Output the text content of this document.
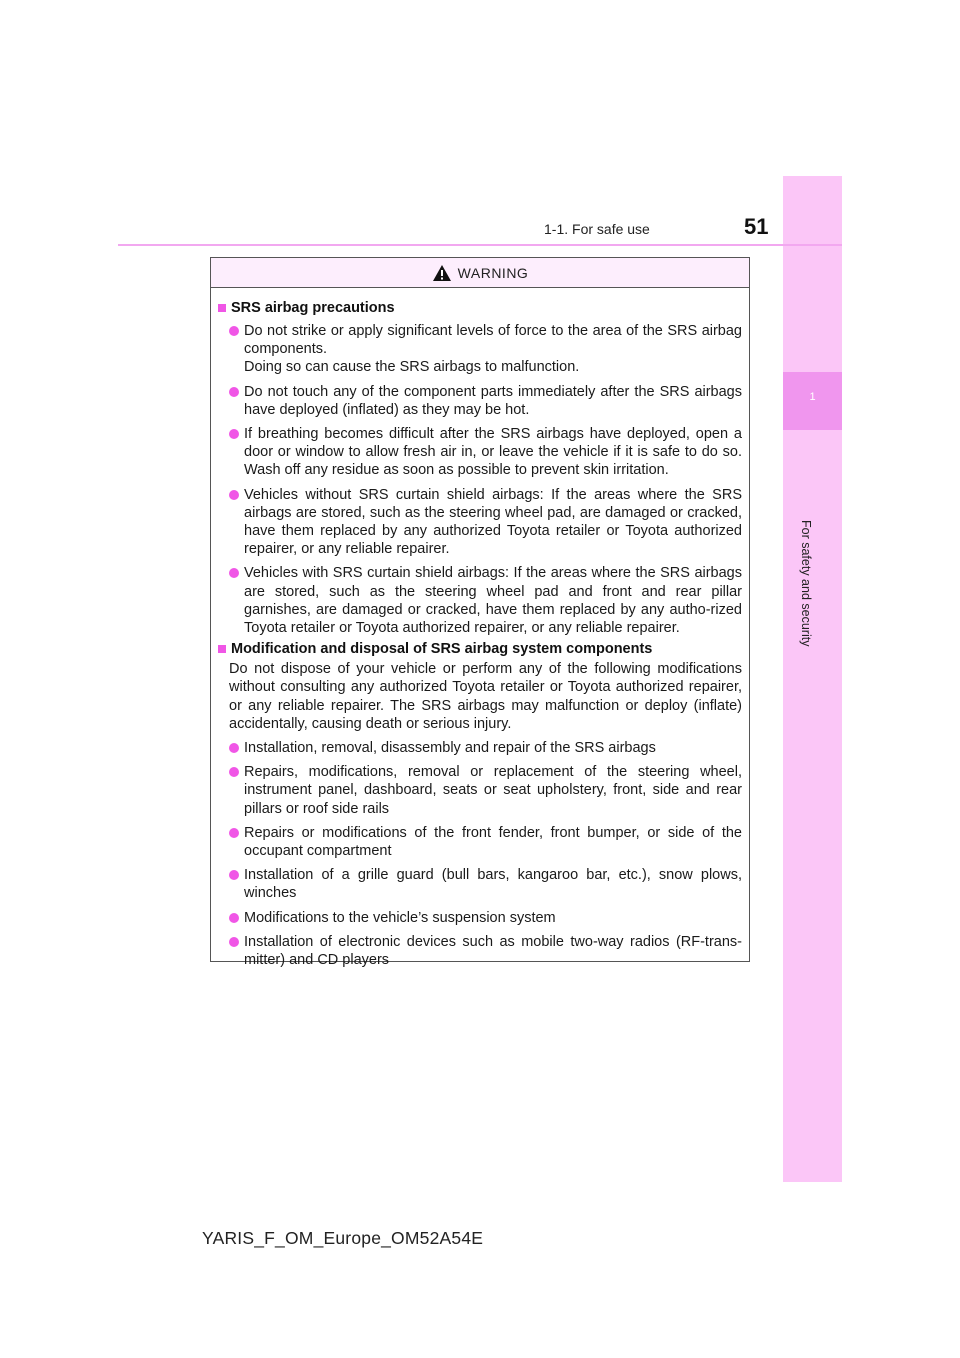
1
For safety and security
1-1. For safe use	51
WARNING
SRS airbag precautions
Do not strike or apply significant levels of force to the area of the SRS airbag components.
Doing so can cause the SRS airbags to malfunction.
Do not touch any of the component parts immediately after the SRS airbags have deployed (inflated) as they may be hot.
If breathing becomes difficult after the SRS airbags have deployed, open a door or window to allow fresh air in, or leave the vehicle if it is safe to do so. Wash off any residue as soon as possible to prevent skin irritation.
Vehicles without SRS curtain shield airbags: If the areas where the SRS airbags are stored, such as the steering wheel pad, are damaged or cracked, have them replaced by any authorized Toyota retailer or Toyota authorized repairer, or any reliable repairer.
Vehicles with SRS curtain shield airbags: If the areas where the SRS airbags are stored, such as the steering wheel pad and front and rear pillar garnishes, are damaged or cracked, have them replaced by any autho-rized Toyota retailer or Toyota authorized repairer, or any reliable repairer.
Modification and disposal of SRS airbag system components
Do not dispose of your vehicle or perform any of the following modifications without consulting any authorized Toyota retailer or Toyota authorized repairer, or any reliable repairer. The SRS airbags may malfunction or deploy (inflate) accidentally, causing death or serious injury.
Installation, removal, disassembly and repair of the SRS airbags
Repairs, modifications, removal or replacement of the steering wheel, instrument panel, dashboard, seats or seat upholstery, front, side and rear pillars or roof side rails
Repairs or modifications of the front fender, front bumper, or side of the occupant compartment
Installation of a grille guard (bull bars, kangaroo bar, etc.), snow plows, winches
Modifications to the vehicle’s suspension system
Installation of electronic devices such as mobile two-way radios (RF-trans-mitter) and CD players
YARIS_F_OM_Europe_OM52A54E
